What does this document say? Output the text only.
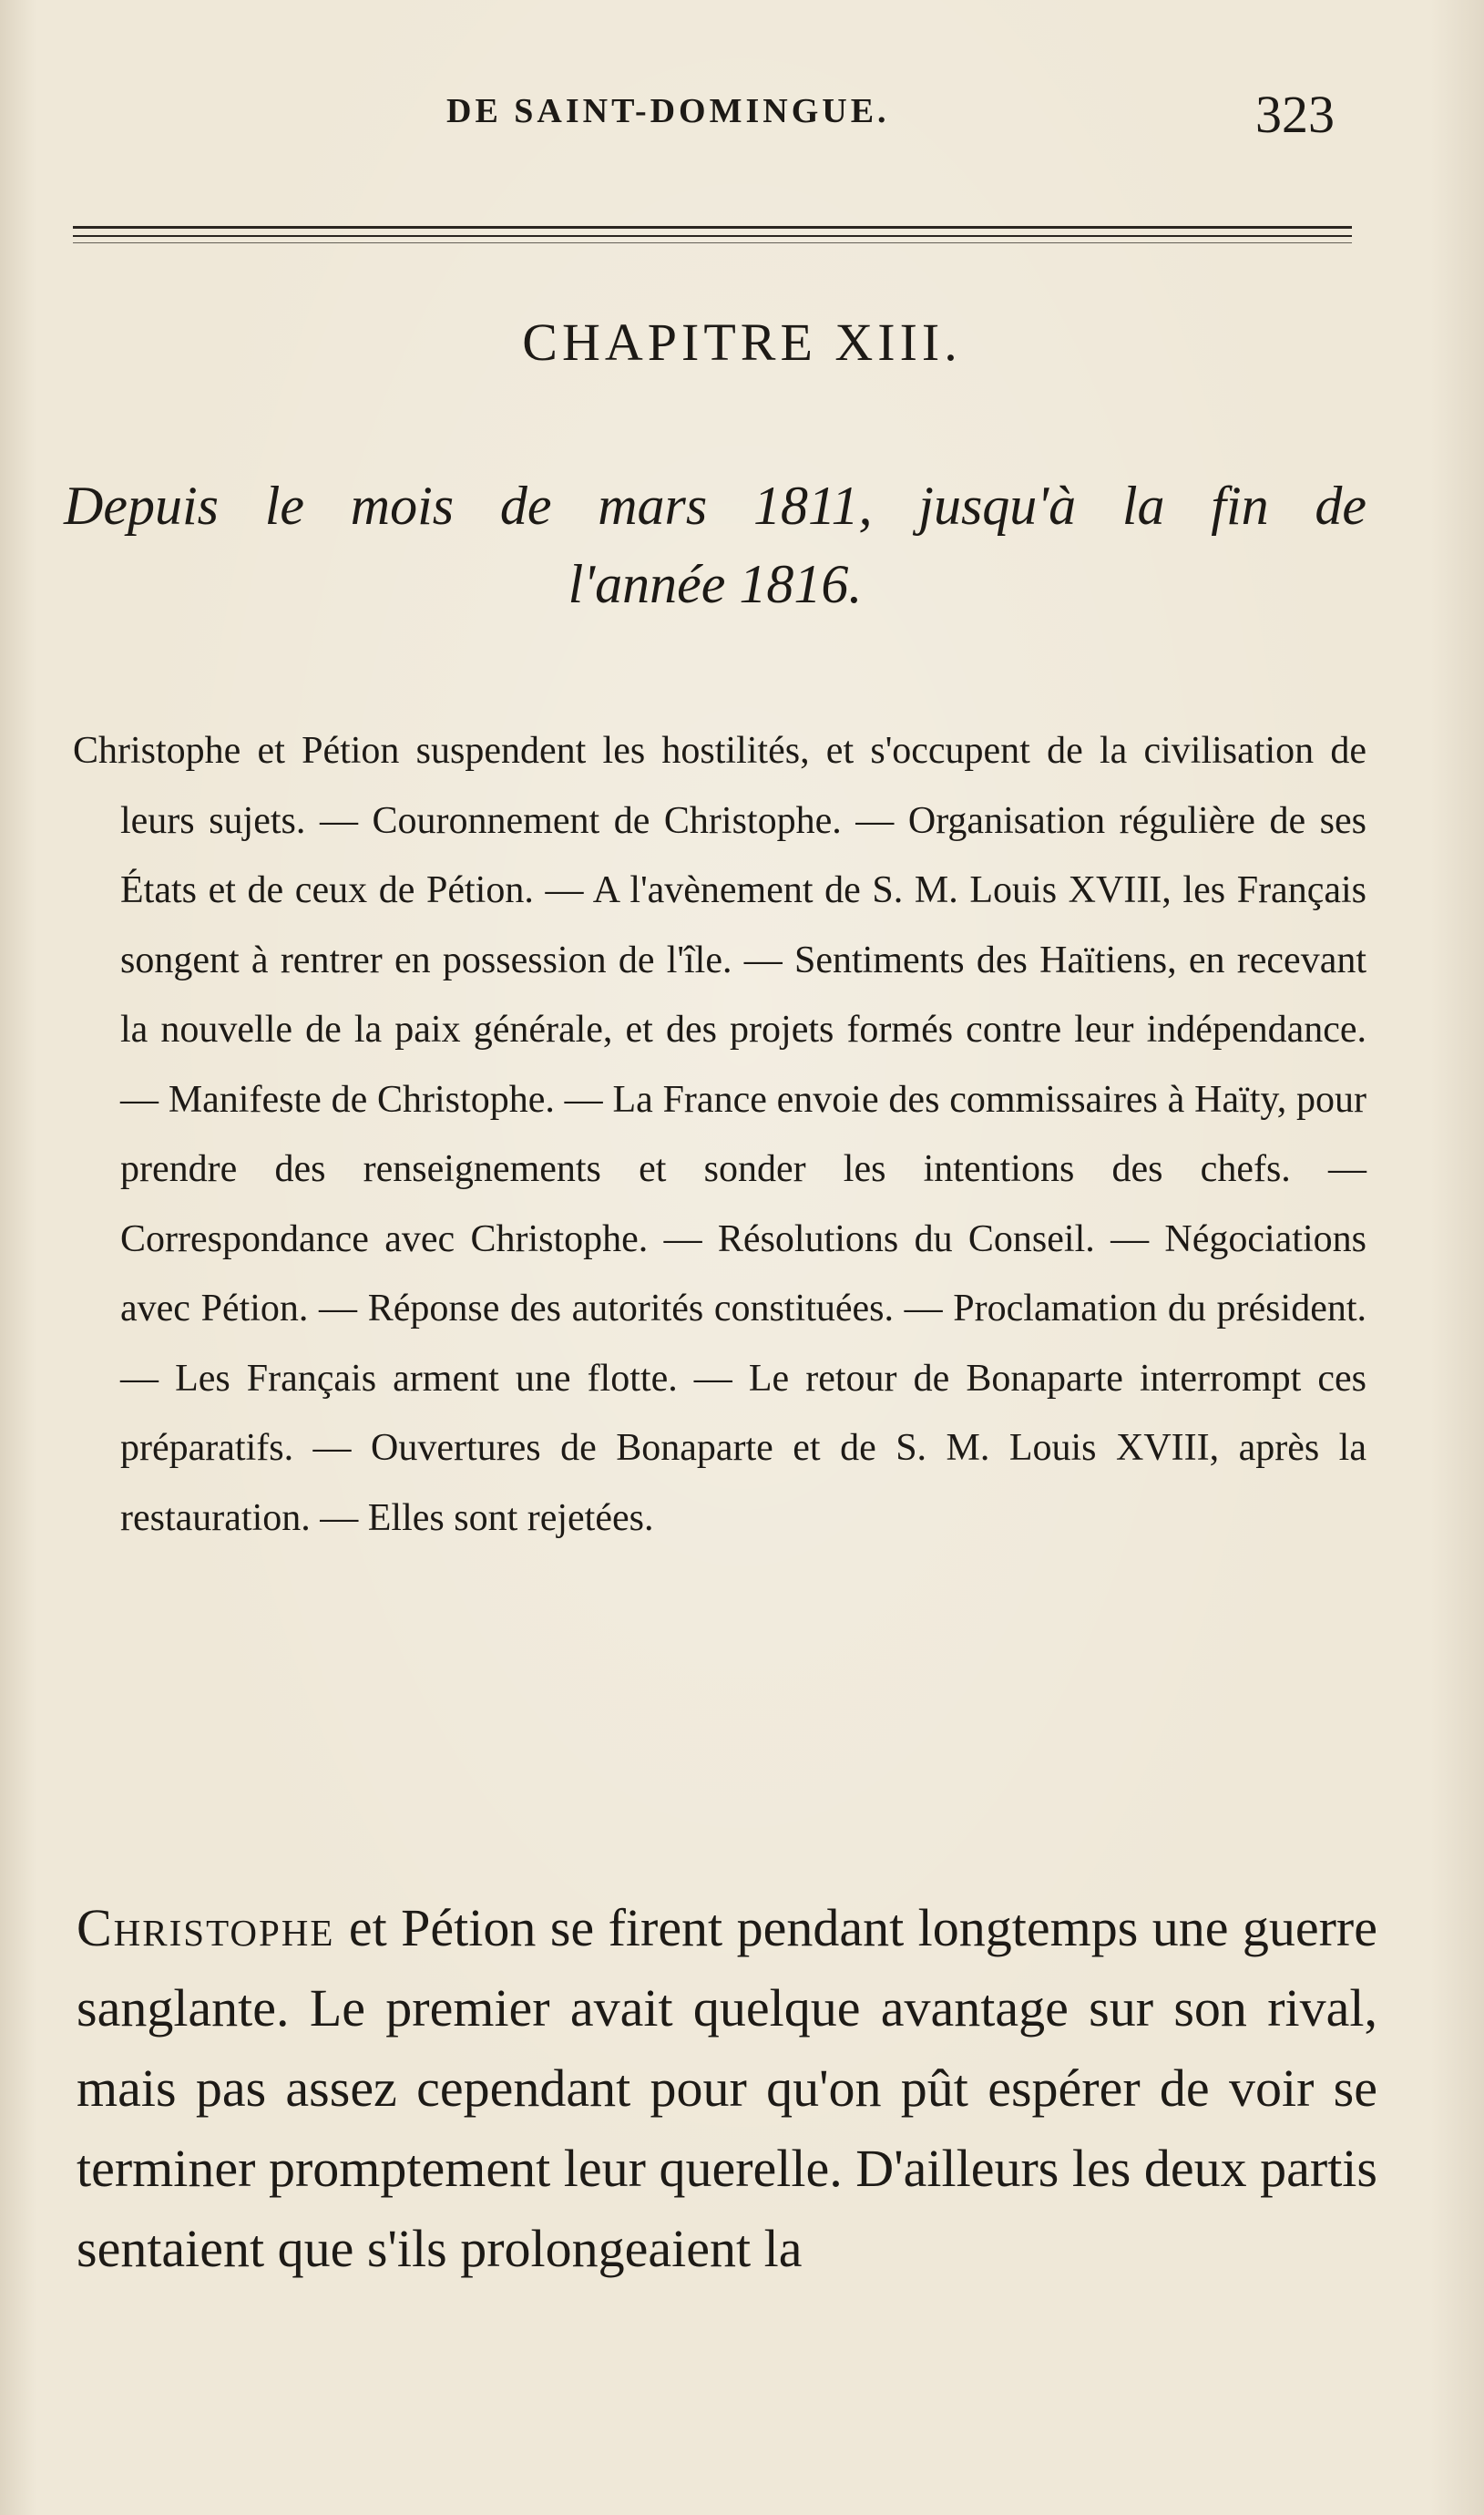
DE SAINT-DOMINGUE.	323
CHAPITRE XIII.
Depuis le mois de mars 1811, jusqu'à la fin de
l'année 1816.
Christophe et Pétion suspendent les hostilités, et s'occupent de la civilisation de leurs sujets. — Couronnement de Christophe. — Organisation régulière de ses États et de ceux de Pétion. — A l'avènement de S. M. Louis XVIII, les Français songent à rentrer en possession de l'île. — Sentiments des Haïtiens, en recevant la nouvelle de la paix générale, et des projets formés contre leur indépendance. — Manifeste de Christophe. — La France envoie des commissaires à Haïty, pour prendre des renseignements et sonder les intentions des chefs. — Correspondance avec Christophe. — Résolutions du Conseil. — Négociations avec Pétion. — Réponse des autorités constituées. — Proclamation du président. — Les Français arment une flotte. — Le retour de Bonaparte interrompt ces préparatifs. — Ouvertures de Bonaparte et de S. M. Louis XVIII, après la restauration. — Elles sont rejetées.
Christophe et Pétion se firent pendant longtemps une guerre sanglante. Le premier avait quelque avantage sur son rival, mais pas assez cependant pour qu'on pût espérer de voir se terminer promptement leur querelle. D'ailleurs les deux partis sentaient que s'ils prolongeaient la
